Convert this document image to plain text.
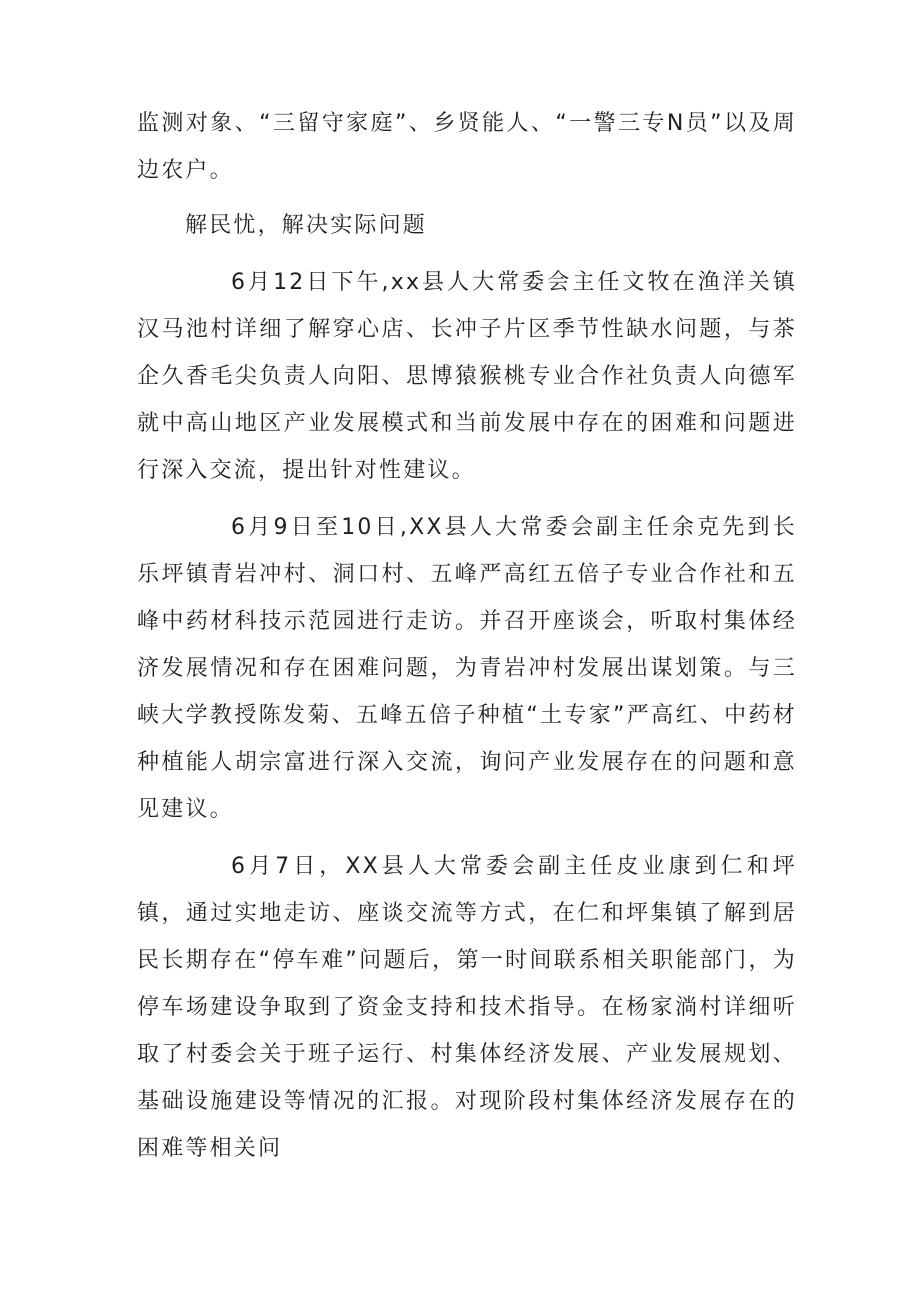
监测对象、“三留守家庭”、乡贤能人、“一警三专N员”以及周边农户。

解民忧，解决实际问题

6月12日下午,xx县人大常委会主任文牧在渔洋关镇汉马池村详细了解穿心店、长冲子片区季节性缺水问题，与茶企久香毛尖负责人向阳、思博猿猴桃专业合作社负责人向德军就中高山地区产业发展模式和当前发展中存在的困难和问题进行深入交流，提出针对性建议。

6月9日至10日,XX县人大常委会副主任余克先到长乐坪镇青岩冲村、洞口村、五峰严高红五倍子专业合作社和五峰中药材科技示范园进行走访。并召开座谈会，听取村集体经济发展情况和存在困难问题，为青岩冲村发展出谋划策。与三峡大学教授陈发菊、五峰五倍子种植“土专家”严高红、中药材种植能人胡宗富进行深入交流，询问产业发展存在的问题和意见建议。

6月7日，XX县人大常委会副主任皮业康到仁和坪镇，通过实地走访、座谈交流等方式，在仁和坪集镇了解到居民长期存在“停车难”问题后，第一时间联系相关职能部门，为停车场建设争取到了资金支持和技术指导。在杨家淌村详细听取了村委会关于班子运行、村集体经济发展、产业发展规划、基础设施建设等情况的汇报。对现阶段村集体经济发展存在的困难等相关问
